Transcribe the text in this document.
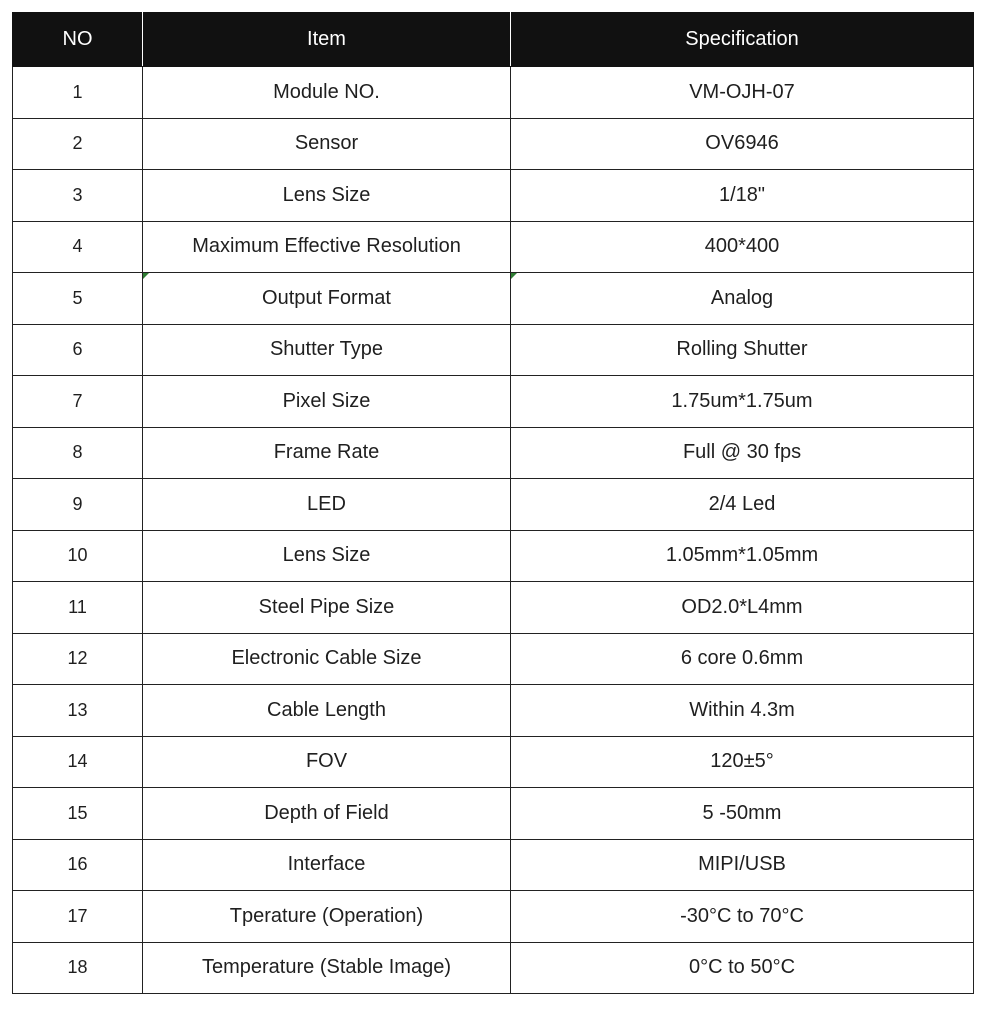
NO	Item	Specification
1	Module NO.	VM-OJH-07
2	Sensor	OV6946
3	Lens Size	1/18"
4	Maximum Effective Resolution	400*400
5	Output Format	Analog

6	Shutter Type	Rolling Shutter
7	Pixel Size	1.75um*1.75um
8	Frame Rate	Full @ 30 fps
9	LED	2/4 Led
10	Lens Size	1.05mm*1.05mm
11	Steel Pipe Size	OD2.0*L4mm
12	Electronic Cable Size	6 core 0.6mm
13	Cable Length	Within 4.3m
14	FOV	120±5°
15	Depth of Field	5 -50mm
16	Interface	MIPI/USB
17	Tperature (Operation)	-30°C to 70°C
18	Temperature (Stable Image)	0°C to 50°C
